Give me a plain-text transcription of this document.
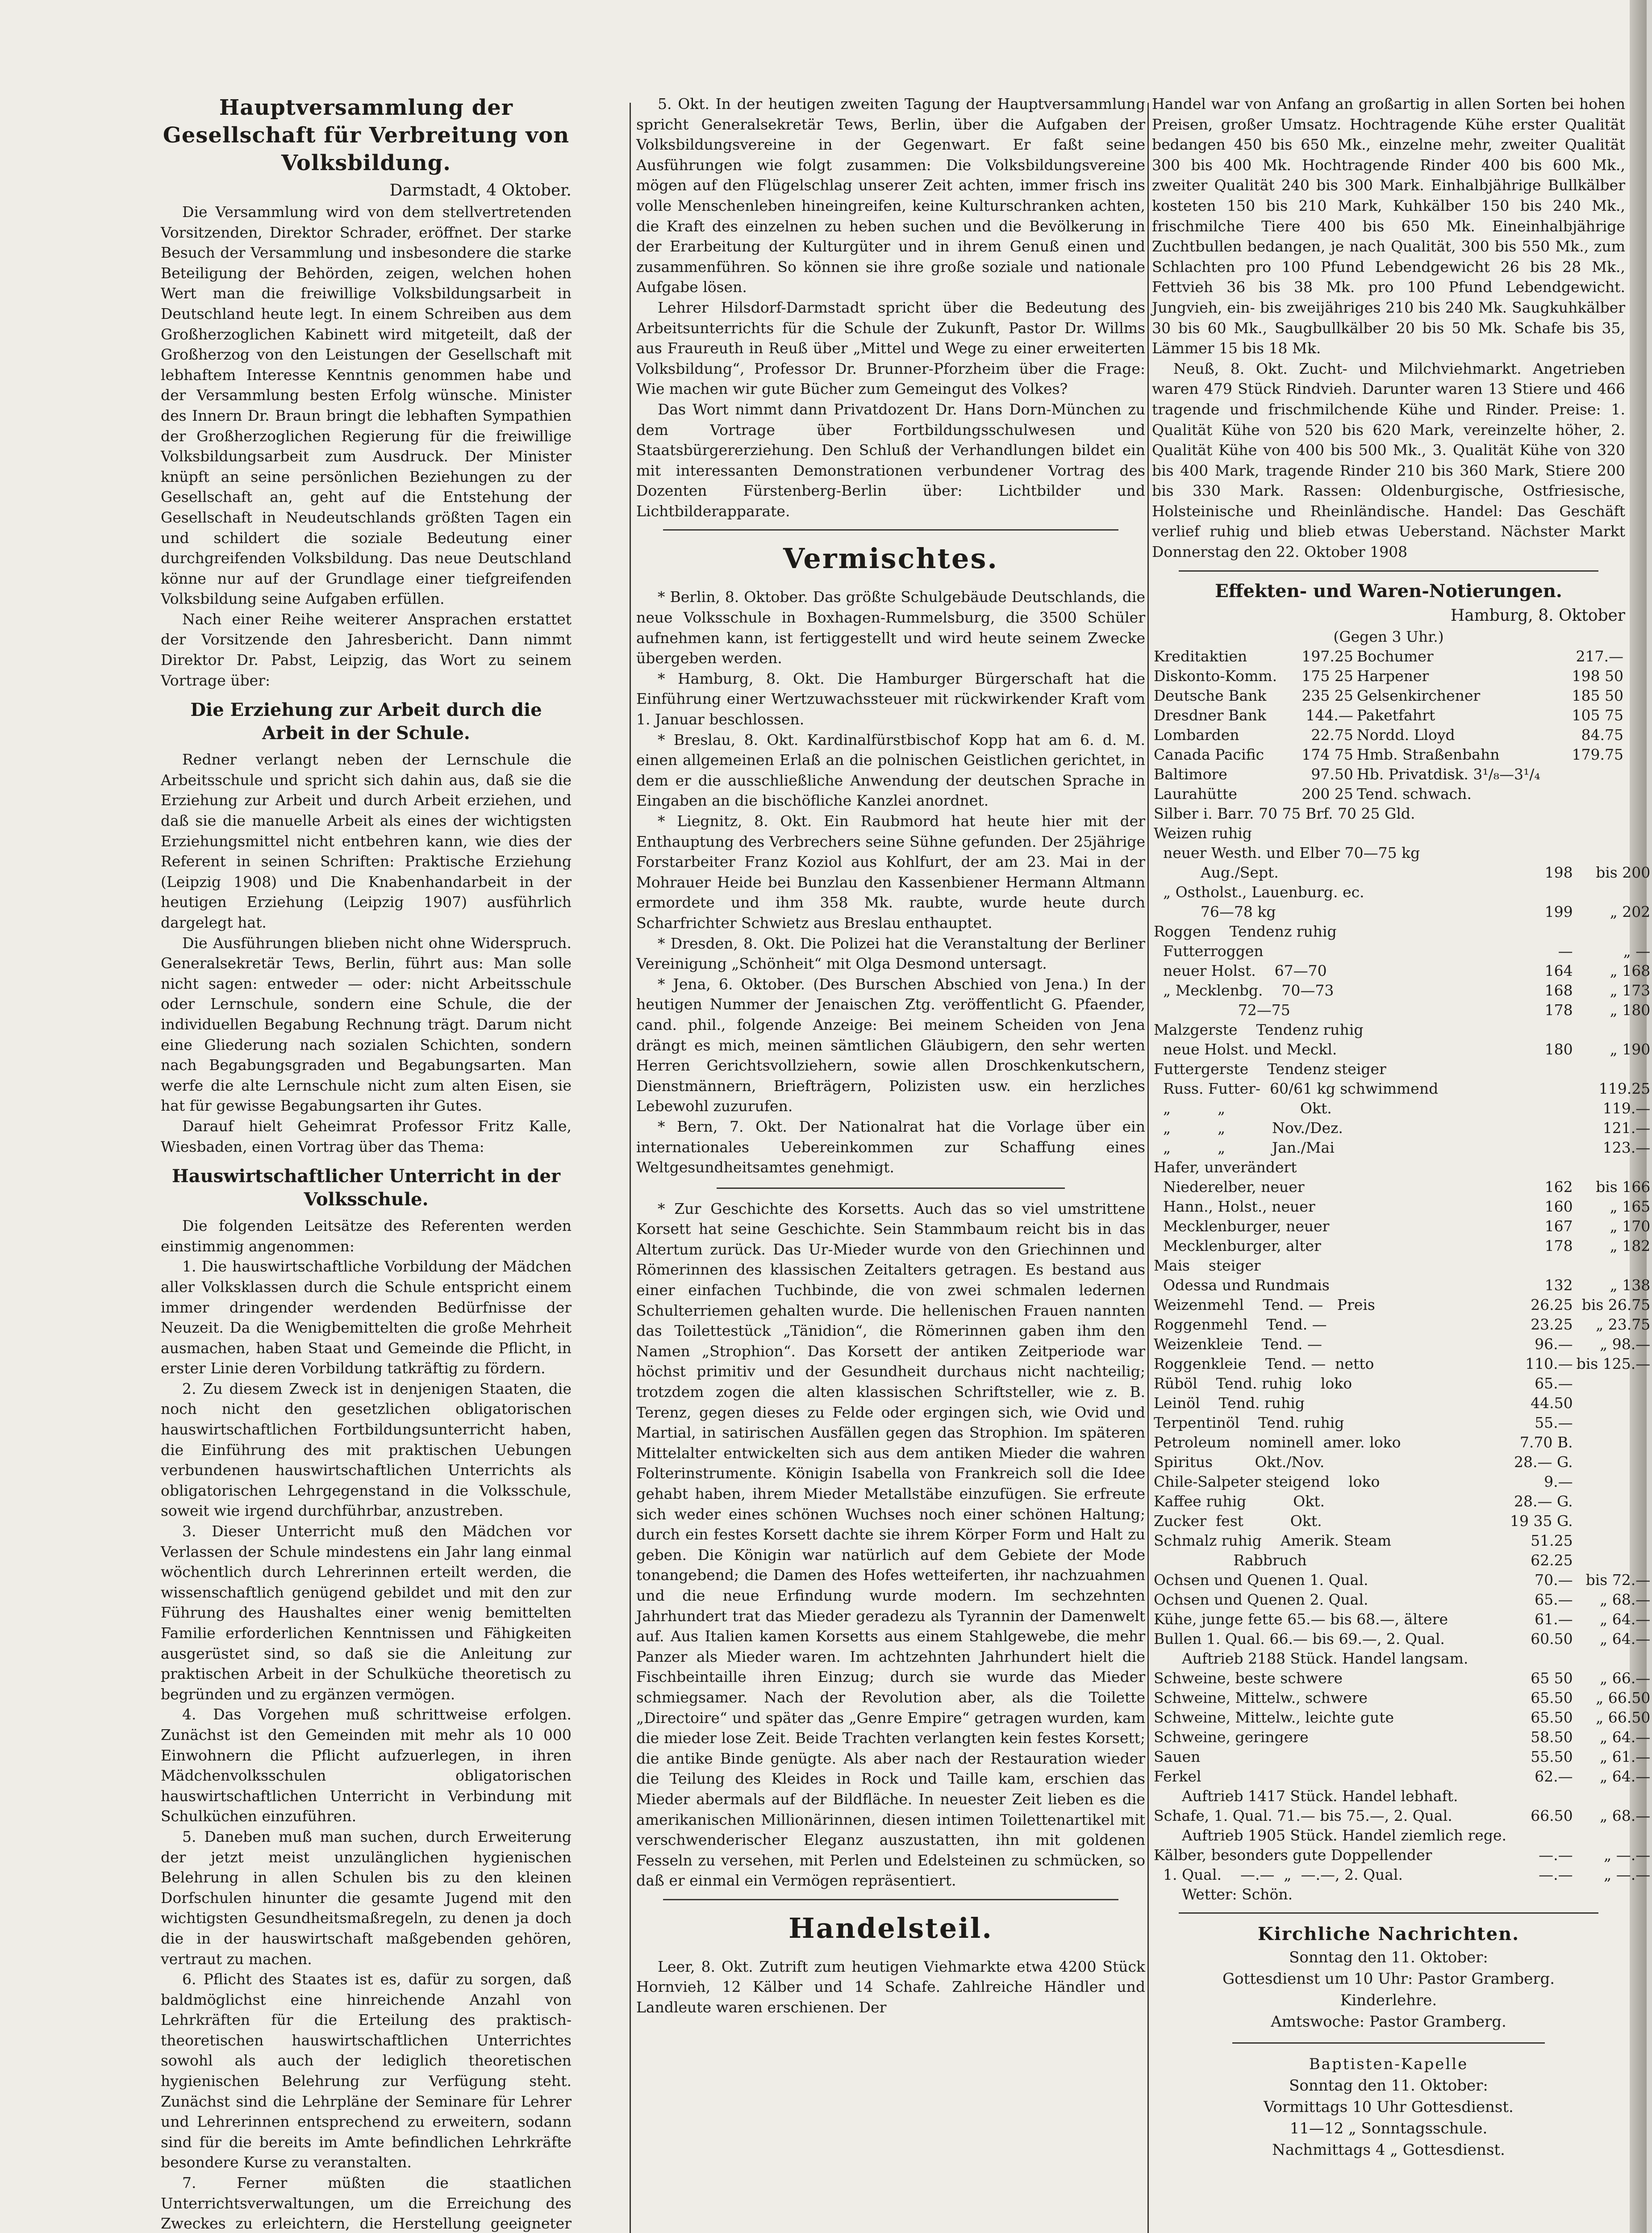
Hauptversammlung der Gesellschaft für Verbreitung von Volksbildung.
Darmstadt, 4 Oktober.

Die Versammlung wird von dem stellvertretenden Vorsitzenden, Direktor Schrader, eröffnet. Der starke Besuch der Versammlung und insbesondere die starke Beteiligung der Behörden, zeigen, welchen hohen Wert man die freiwillige Volksbildungsarbeit in Deutschland heute legt. In einem Schreiben aus dem Großherzoglichen Kabinett wird mitgeteilt, daß der Großherzog von den Leistungen der Gesellschaft mit lebhaftem Interesse Kenntnis genommen habe und der Versammlung besten Erfolg wünsche. Minister des Innern Dr. Braun bringt die lebhaften Sympathien der Großherzoglichen Regierung für die freiwillige Volksbildungsarbeit zum Ausdruck. Der Minister knüpft an seine persönlichen Beziehungen zu der Gesellschaft an, geht auf die Entstehung der Gesellschaft in Neudeutschlands größten Tagen ein und schildert die soziale Bedeutung einer durchgreifenden Volksbildung. Das neue Deutschland könne nur auf der Grundlage einer tiefgreifenden Volksbildung seine Aufgaben erfüllen.

Nach einer Reihe weiterer Ansprachen erstattet der Vorsitzende den Jahresbericht. Dann nimmt Direktor Dr. Pabst, Leipzig, das Wort zu seinem Vortrage über:

Die Erziehung zur Arbeit durch die Arbeit in der Schule.

Redner verlangt neben der Lernschule die Arbeitsschule und spricht sich dahin aus, daß sie die Erziehung zur Arbeit und durch Arbeit erziehen, und daß sie die manuelle Arbeit als eines der wichtigsten Erziehungsmittel nicht entbehren kann, wie dies der Referent in seinen Schriften: Praktische Erziehung (Leipzig 1908) und Die Knabenhandarbeit in der heutigen Erziehung (Leipzig 1907) ausführlich dargelegt hat.

Die Ausführungen blieben nicht ohne Widerspruch. Generalsekretär Tews, Berlin, führt aus: Man solle nicht sagen: entweder — oder: nicht Arbeitsschule oder Lernschule, sondern eine Schule, die der individuellen Begabung Rechnung trägt. Darum nicht eine Gliederung nach sozialen Schichten, sondern nach Begabungsgraden und Begabungsarten. Man werfe die alte Lernschule nicht zum alten Eisen, sie hat für gewisse Begabungsarten ihr Gutes.

Darauf hielt Geheimrat Professor Fritz Kalle, Wiesbaden, einen Vortrag über das Thema:

Hauswirtschaftlicher Unterricht in der Volksschule.

Die folgenden Leitsätze des Referenten werden einstimmig angenommen:

1. Die hauswirtschaftliche Vorbildung der Mädchen aller Volksklassen durch die Schule entspricht einem immer dringender werdenden Bedürfnisse der Neuzeit. Da die Wenigbemittelten die große Mehrheit ausmachen, haben Staat und Gemeinde die Pflicht, in erster Linie deren Vorbildung tatkräftig zu fördern.

2. Zu diesem Zweck ist in denjenigen Staaten, die noch nicht den gesetzlichen obligatorischen hauswirtschaftlichen Fortbildungsunterricht haben, die Einführung des mit praktischen Uebungen verbundenen hauswirtschaftlichen Unterrichts als obligatorischen Lehrgegenstand in die Volksschule, soweit wie irgend durchführbar, anzustreben.

3. Dieser Unterricht muß den Mädchen vor Verlassen der Schule mindestens ein Jahr lang einmal wöchentlich durch Lehrerinnen erteilt werden, die wissenschaftlich genügend gebildet und mit den zur Führung des Haushaltes einer wenig bemittelten Familie erforderlichen Kenntnissen und Fähigkeiten ausgerüstet sind, so daß sie die Anleitung zur praktischen Arbeit in der Schulküche theoretisch zu begründen und zu ergänzen vermögen.

4. Das Vorgehen muß schrittweise erfolgen. Zunächst ist den Gemeinden mit mehr als 10 000 Einwohnern die Pflicht aufzuerlegen, in ihren Mädchenvolksschulen obligatorischen hauswirtschaftlichen Unterricht in Verbindung mit Schulküchen einzuführen.

5. Daneben muß man suchen, durch Erweiterung der jetzt meist unzulänglichen hygienischen Belehrung in allen Schulen bis zu den kleinen Dorfschulen hinunter die gesamte Jugend mit den wichtigsten Gesundheitsmaßregeln, zu denen ja doch die in der hauswirtschaft maßgebenden gehören, vertraut zu machen.

6. Pflicht des Staates ist es, dafür zu sorgen, daß baldmöglichst eine hinreichende Anzahl von Lehrkräften für die Erteilung des praktisch-theoretischen hauswirtschaftlichen Unterrichtes sowohl als auch der lediglich theoretischen hygienischen Belehrung zur Verfügung steht. Zunächst sind die Lehrpläne der Seminare für Lehrer und Lehrerinnen entsprechend zu erweitern, sodann sind für die bereits im Amte befindlichen Lehrkräfte besondere Kurse zu veranstalten.

7. Ferner müßten die staatlichen Unterrichtsverwaltungen, um die Erreichung des Zweckes zu erleichtern, die Herstellung geeigneter

5. Okt. In der heutigen zweiten Tagung der Hauptversammlung spricht Generalsekretär Tews, Berlin, über die Aufgaben der Volksbildungsvereine in der Gegenwart. Er faßt seine Ausführungen wie folgt zusammen: Die Volksbildungsvereine mögen auf den Flügelschlag unserer Zeit achten, immer frisch ins volle Menschenleben hineingreifen, keine Kulturschranken achten, die Kraft des einzelnen zu heben suchen und die Bevölkerung in der Erarbeitung der Kulturgüter und in ihrem Genuß einen und zusammenführen. So können sie ihre große soziale und nationale Aufgabe lösen.

Lehrer Hilsdorf-Darmstadt spricht über die Bedeutung des Arbeitsunterrichts für die Schule der Zukunft, Pastor Dr. Willms aus Fraureuth in Reuß über „Mittel und Wege zu einer erweiterten Volksbildung“, Professor Dr. Brunner-Pforzheim über die Frage: Wie machen wir gute Bücher zum Gemeingut des Volkes?

Das Wort nimmt dann Privatdozent Dr. Hans Dorn-München zu dem Vortrage über Fortbildungsschulwesen und Staatsbürgererziehung. Den Schluß der Verhandlungen bildet ein mit interessanten Demonstrationen verbundener Vortrag des Dozenten Fürstenberg-Berlin über: Lichtbilder und Lichtbilderapparate.

Vermischtes.

* Berlin, 8. Oktober. Das größte Schulgebäude Deutschlands, die neue Volksschule in Boxhagen-Rummelsburg, die 3500 Schüler aufnehmen kann, ist fertiggestellt und wird heute seinem Zwecke übergeben werden.

* Hamburg, 8. Okt. Die Hamburger Bürgerschaft hat die Einführung einer Wertzuwachssteuer mit rückwirkender Kraft vom 1. Januar beschlossen.

* Breslau, 8. Okt. Kardinalfürstbischof Kopp hat am 6. d. M. einen allgemeinen Erlaß an die polnischen Geistlichen gerichtet, in dem er die ausschließliche Anwendung der deutschen Sprache in Eingaben an die bischöfliche Kanzlei anordnet.

* Liegnitz, 8. Okt. Ein Raubmord hat heute hier mit der Enthauptung des Verbrechers seine Sühne gefunden. Der 25jährige Forstarbeiter Franz Koziol aus Kohlfurt, der am 23. Mai in der Mohrauer Heide bei Bunzlau den Kassenbiener Hermann Altmann ermordete und ihm 358 Mk. raubte, wurde heute durch Scharfrichter Schwietz aus Breslau enthauptet.

* Dresden, 8. Okt. Die Polizei hat die Veranstaltung der Berliner Vereinigung „Schönheit“ mit Olga Desmond untersagt.

* Jena, 6. Oktober. (Des Burschen Abschied von Jena.) In der heutigen Nummer der Jenaischen Ztg. veröffentlicht G. Pfaender, cand. phil., folgende Anzeige: Bei meinem Scheiden von Jena drängt es mich, meinen sämtlichen Gläubigern, den sehr werten Herren Gerichtsvollziehern, sowie allen Droschkenkutschern, Dienstmännern, Briefträgern, Polizisten usw. ein herzliches Lebewohl zuzurufen.

* Bern, 7. Okt. Der Nationalrat hat die Vorlage über ein internationales Uebereinkommen zur Schaffung eines Weltgesundheitsamtes genehmigt.

* Zur Geschichte des Korsetts. Auch das so viel umstrittene Korsett hat seine Geschichte. Sein Stammbaum reicht bis in das Altertum zurück. Das Ur-Mieder wurde von den Griechinnen und Römerinnen des klassischen Zeitalters getragen. Es bestand aus einer einfachen Tuchbinde, die von zwei schmalen ledernen Schulterriemen gehalten wurde. Die hellenischen Frauen nannten das Toilettestück „Tänidion“, die Römerinnen gaben ihm den Namen „Strophion“. Das Korsett der antiken Zeitperiode war höchst primitiv und der Gesundheit durchaus nicht nachteilig; trotzdem zogen die alten klassischen Schriftsteller, wie z. B. Terenz, gegen dieses zu Felde oder ergingen sich, wie Ovid und Martial, in satirischen Ausfällen gegen das Strophion. Im späteren Mittelalter entwickelten sich aus dem antiken Mieder die wahren Folterinstrumente. Königin Isabella von Frankreich soll die Idee gehabt haben, ihrem Mieder Metallstäbe einzufügen. Sie erfreute sich weder eines schönen Wuchses noch einer schönen Haltung; durch ein festes Korsett dachte sie ihrem Körper Form und Halt zu geben. Die Königin war natürlich auf dem Gebiete der Mode tonangebend; die Damen des Hofes wetteiferten, ihr nachzuahmen und die neue Erfindung wurde modern. Im sechzehnten Jahrhundert trat das Mieder geradezu als Tyrannin der Damenwelt auf. Aus Italien kamen Korsetts aus einem Stahlgewebe, die mehr Panzer als Mieder waren. Im achtzehnten Jahrhundert hielt die Fischbeintaille ihren Einzug; durch sie wurde das Mieder schmiegsamer. Nach der Revolution aber, als die Toilette „Directoire“ und später das „Genre Empire“ getragen wurden, kam die mieder lose Zeit. Beide Trachten verlangten kein festes Korsett; die antike Binde genügte. Als aber nach der Restauration wieder die Teilung des Kleides in Rock und Taille kam, erschien das Mieder abermals auf der Bildfläche. In neuester Zeit lieben es die amerikanischen Millionärinnen, diesen intimen Toilettenartikel mit verschwenderischer Eleganz auszustatten, ihn mit goldenen Fesseln zu versehen, mit Perlen und Edelsteinen zu schmücken, so daß er einmal ein Vermögen repräsentiert.

Handelsteil.

Leer, 8. Okt. Zutrift zum heutigen Viehmarkte etwa 4200 Stück Hornvieh, 12 Kälber und 14 Schafe. Zahlreiche Händler und Landleute waren erschienen. Der

Handel war von Anfang an großartig in allen Sorten bei hohen Preisen, großer Umsatz. Hochtragende Kühe erster Qualität bedangen 450 bis 650 Mk., einzelne mehr, zweiter Qualität 300 bis 400 Mk. Hochtragende Rinder 400 bis 600 Mk., zweiter Qualität 240 bis 300 Mark. Einhalbjährige Bullkälber kosteten 150 bis 210 Mark, Kuhkälber 150 bis 240 Mk., frischmilche Tiere 400 bis 650 Mk. Eineinhalbjährige Zuchtbullen bedangen, je nach Qualität, 300 bis 550 Mk., zum Schlachten pro 100 Pfund Lebendgewicht 26 bis 28 Mk., Fettvieh 36 bis 38 Mk. pro 100 Pfund Lebendgewicht. Jungvieh, ein- bis zweijähriges 210 bis 240 Mk. Saugkuhkälber 30 bis 60 Mk., Saugbullkälber 20 bis 50 Mk. Schafe bis 35, Lämmer 15 bis 18 Mk.

Neuß, 8. Okt. Zucht- und Milchviehmarkt. Angetrieben waren 479 Stück Rindvieh. Darunter waren 13 Stiere und 466 tragende und frischmilchende Kühe und Rinder. Preise: 1. Qualität Kühe von 520 bis 620 Mark, vereinzelte höher, 2. Qualität Kühe von 400 bis 500 Mk., 3. Qualität Kühe von 320 bis 400 Mark, tragende Rinder 210 bis 360 Mark, Stiere 200 bis 330 Mark. Rassen: Oldenburgische, Ostfriesische, Holsteinische und Rheinländische. Handel: Das Geschäft verlief ruhig und blieb etwas Ueberstand. Nächster Markt Donnerstag den 22. Oktober 1908

Effekten- und Waren-Notierungen.
Hamburg, 8. Oktober
(Gegen 3 Uhr.)
Kreditaktien	197.25	Bochumer	217.—
Diskonto-Komm.	175 25	Harpener	198 50
Deutsche Bank	235 25	Gelsenkirchener	185 50
Dresdner Bank	144.—	Paketfahrt	105 75
Lombarden	22.75	Nordd. Lloyd	84.75
Canada Pacific	174 75	Hmb. Straßenbahn	179.75
Baltimore	97.50	Hb. Privatdisk. 3¹/₈—3¹/₄	
Laurahütte	200 25	Tend. schwach.	
Silber i. Barr. 70 75 Brf. 70 25 Gld.		
Weizen ruhig		
neuer Westh. und Elber 70—75 kg		
Aug./Sept.	198	bis 200
„ Ostholst., Lauenburg. ec.		
76—78 kg	199	„ 202
Roggen    Tendenz ruhig		
Futterroggen	—	„ —
neuer Holst.    67—70	164	„ 168
„ Mecklenbg.    70—73	168	„ 173
72—75	178	„ 180
Malzgerste    Tendenz ruhig		
neue Holst. und Meckl.	180	„ 190
Futtergerste    Tendenz steiger		
Russ. Futter-  60/61 kg schwimmend		119.25
„          „                Okt.		119.—
„          „          Nov./Dez.		121.—
„          „          Jan./Mai		123.—
Hafer, unverändert		
Niederelber, neuer	162	bis 166
Hann., Holst., neuer	160	„ 165
Mecklenburger, neuer	167	„ 170
Mecklenburger, alter	178	„ 182
Mais    steiger		
Odessa und Rundmais	132	„ 138
Weizenmehl    Tend. —   Preis	26.25	bis 26.75
Roggenmehl    Tend. —	23.25	„ 23.75
Weizenkleie    Tend. —	96.—	„ 98.—
Roggenkleie    Tend. —  netto	110.—	bis 125.—
Rüböl    Tend. ruhig    loko	65.—	
Leinöl    Tend. ruhig	44.50	
Terpentinöl    Tend. ruhig	55.—	
Petroleum    nominell  amer. loko	7.70 B.	
Spiritus         Okt./Nov.	28.— G.	
Chile-Salpeter steigend    loko	9.—	
Kaffee ruhig          Okt.	28.— G.	
Zucker  fest          Okt.	19 35 G.	
Schmalz ruhig    Amerik. Steam	51.25	
Rabbruch	62.25	
Ochsen und Quenen 1. Qual.	70.—	bis 72.—
Ochsen und Quenen 2. Qual.	65.—	„ 68.—
Kühe, junge fette 65.— bis 68.—, ältere	61.—	„ 64.—
Bullen 1. Qual. 66.— bis 69.—, 2. Qual.	60.50	„ 64.—
Auftrieb 2188 Stück. Handel langsam.		
Schweine, beste schwere	65 50	„ 66.—
Schweine, Mittelw., schwere	65.50	„ 66.50
Schweine, Mittelw., leichte gute	65.50	„ 66.50
Schweine, geringere	58.50	„ 64.—
Sauen	55.50	„ 61.—
Ferkel	62.—	„ 64.—
Auftrieb 1417 Stück. Handel lebhaft.		
Schafe, 1. Qual. 71.— bis 75.—, 2. Qual.	66.50	„ 68.—
Auftrieb 1905 Stück. Handel ziemlich rege.		
Kälber, besonders gute Doppellender	—.—	„ —.—
1. Qual.    —.—  „  —.—, 2. Qual.	—.—	„ —.—
Wetter: Schön.		
Kirchliche Nachrichten.
Sonntag den 11. Oktober:
Gottesdienst um 10 Uhr: Pastor Gramberg.
Kinderlehre.
Amtswoche: Pastor Gramberg.
Baptisten-Kapelle
Sonntag den 11. Oktober:
Vormittags 10 Uhr Gottesdienst.
11—12 „ Sonntagsschule.
Nachmittags 4 „ Gottesdienst.
